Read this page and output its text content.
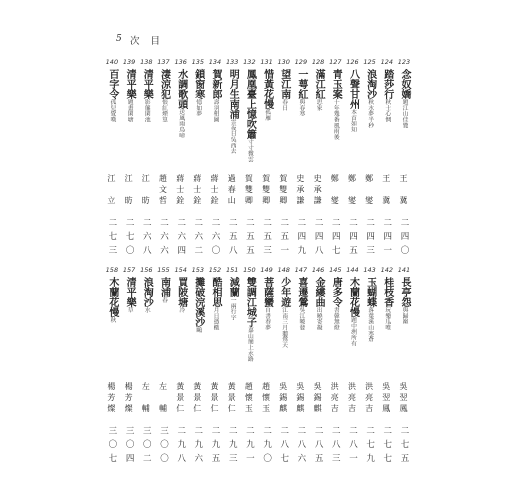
5 次 目
123
念奴嬌題江山佳覽
王冀
二四〇
124
踏莎行秋士心惆
王冀
二四一
125
浪淘沙秋水夢半秒
鄭燮
二四三
126
八聲甘州本首如知
鄭燮
二四五
127
青玉案十年幾番風雨後
鄭燮
二四七
128
滿江紅思家
史承謙
二四八
129
一萼紅與春寒
史承謙
二四九
130
望江南春日
賀雙卿
二五一
131
惜黃花慢孤雁
賀雙卿
二五三
132
鳳凰臺上憶吹簫寸寸微雲
賀雙卿
二五五
133
明月生南浦雲夜日吳西去
過春山
二五八
134
賀新郎壽羽相圖
蔣士銓
二六〇
135
鎖窗寒憶如夢
蔣士銓
二六二
136
水調歌頭送風雨鳥啼
蔣士銓
二六四
137
淒涼犯悵紅煙篁
趙文哲
二六六
138
清平樂影簾閑池
江昉
二六八
139
清平樂題畫閑塘
江昉
二七〇
140
百字令孤兒覺嘆
江立
二七三
141
長亭怨與歸巔
吳翌鳳
二七五
142
桂枝香玩樂瓜唯
吳翌鳳
二七七
143
玉蝴蝶落葉溪山寒蒼
洪亮吉
二七九
144
木蘭花慢題中洲所有
洪亮吉
二八一
145
唐多令書韓無燈
洪亮吉
二八三
146
金縷曲出曉寄凝
吳錫麒
二八五
147
喜遷鶯吳江曉發
吳錫麒
二八六
148
少年遊江南三月聽鶯天
吳錫麒
二八七
149
菩薩蠻自書春夢
趙懷玉
二九〇
150
雙調江城子嘉山簡上水路
趙懷玉
二九一
151
減蘭一兩行字
黃景仁
二九三
152
酷相思月日憑檻
黃景仁
二九五
153
攤破浣溪沙鷗
黃景仁
二九六
154
買陂塘冷
黃景仁
二九八
155
南浦春
左輔
三〇〇
156
浪淘沙水
左輔
三〇二
157
清平樂草
楊芳燦
三〇四
158
木蘭花慢秋
楊芳燦
三〇七
